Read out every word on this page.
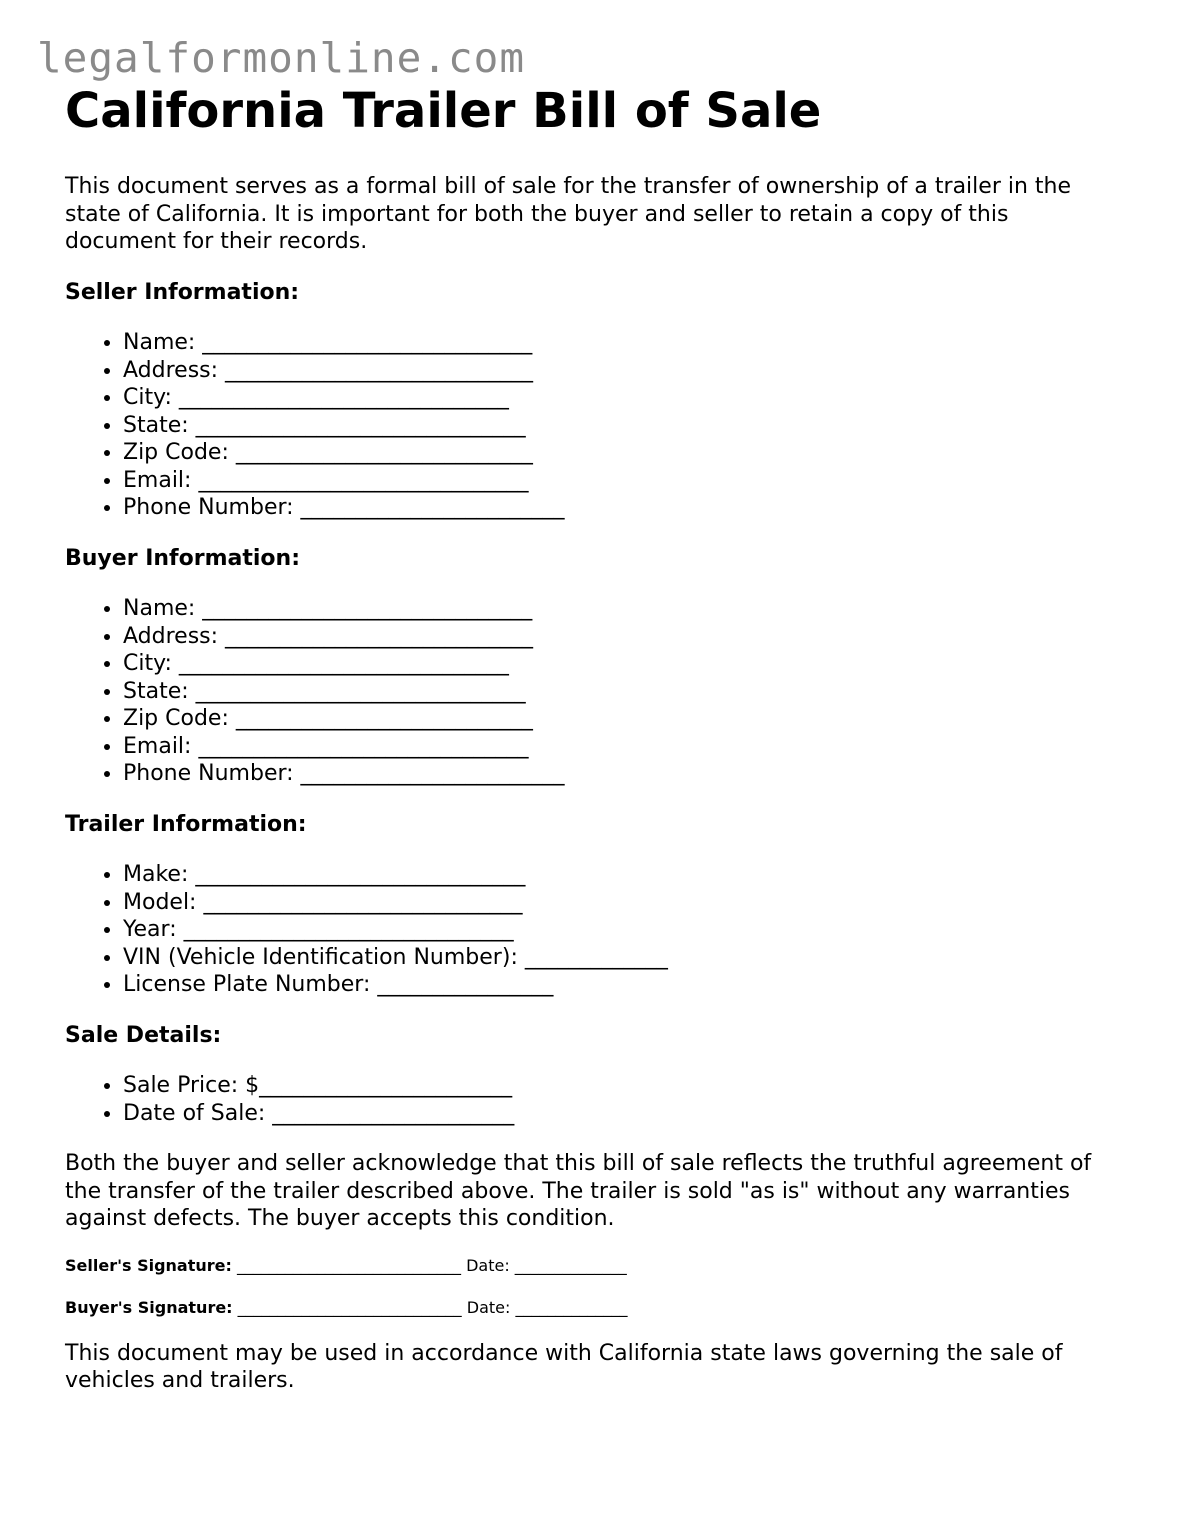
legalformonline.com
California Trailer Bill of Sale

This document serves as a formal bill of sale for the transfer of ownership of a trailer in the state of California. It is important for both the buyer and seller to retain a copy of this document for their records.

Seller Information:
• Name: ______________________________
• Address: ____________________________
• City: ______________________________
• State: ______________________________
• Zip Code: ___________________________
• Email: ______________________________
• Phone Number: ________________________
Buyer Information:
• Name: ______________________________
• Address: ____________________________
• City: ______________________________
• State: ______________________________
• Zip Code: ___________________________
• Email: ______________________________
• Phone Number: ________________________
Trailer Information:
• Make: ______________________________
• Model: _____________________________
• Year: ______________________________
• VIN (Vehicle Identification Number): _____________
• License Plate Number: ________________
Sale Details:
• Sale Price: $_______________________
• Date of Sale: ______________________

Both the buyer and seller acknowledge that this bill of sale reflects the truthful agreement of the transfer of the trailer described above. The trailer is sold "as is" without any warranties against defects. The buyer accepts this condition.

Seller's Signature: ____________________________ Date: ______________
Buyer's Signature: ____________________________ Date: ______________

This document may be used in accordance with California state laws governing the sale of vehicles and trailers.
